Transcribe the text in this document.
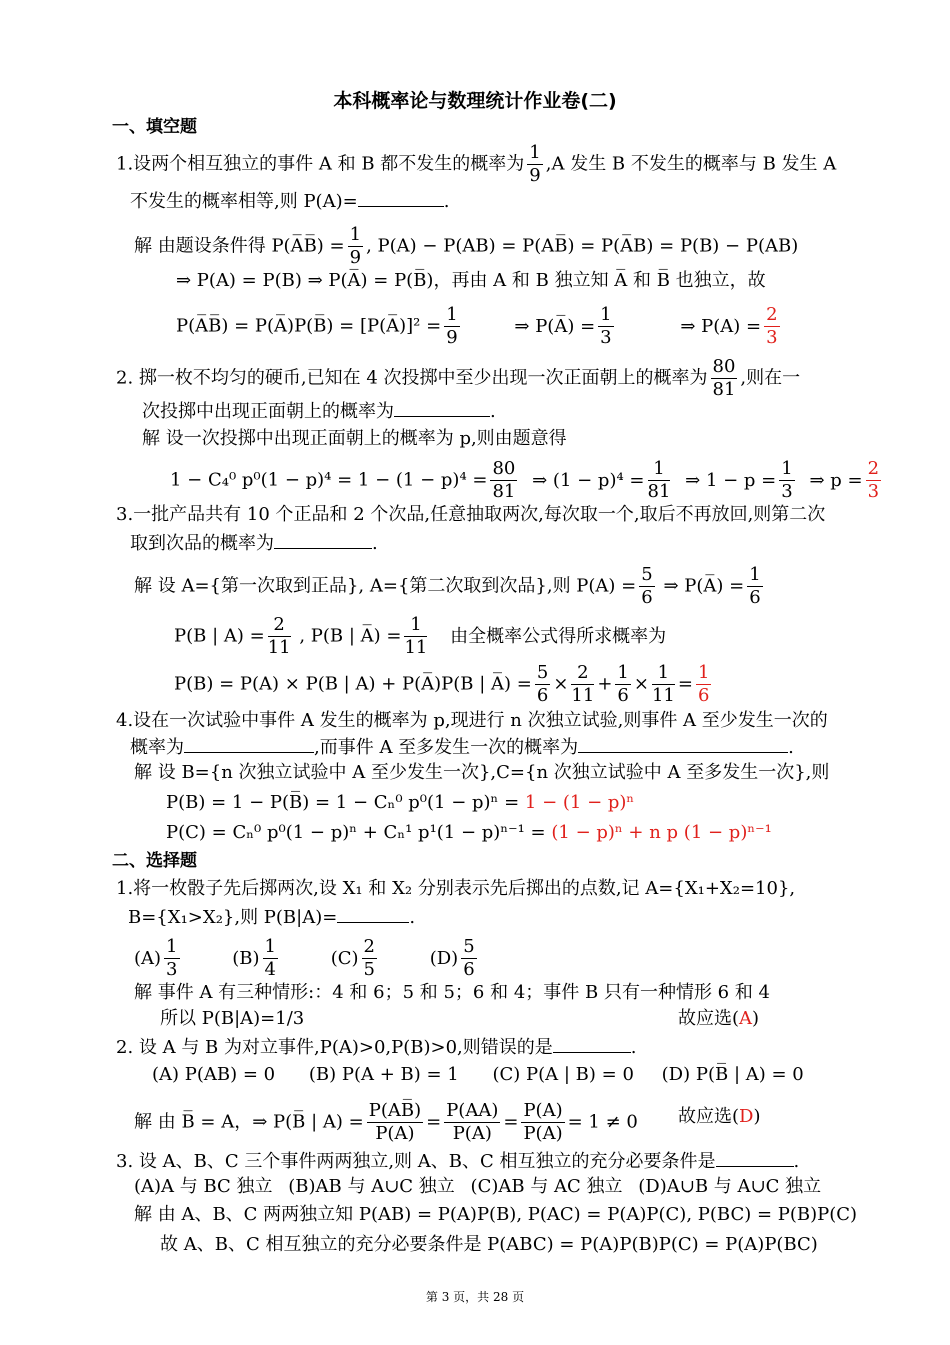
本科概率论与数理统计作业卷(二)
一、填空题
1.设两个相互独立的事件 A 和 B 都不发生的概率为 $\frac{1}{9} ,A$ 发生 B 不发生的概率与 B 发生 A
不发生的概率相等,则 P(A)=	.
解 由题设条件得 P(A̅B̅) = $\frac{1}{9}$ , P(A) − P(AB) = P(AB̅) = P(A̅B) = P(B) − P(AB)
⇒ P(A) = P(B) ⇒ P(A̅) = P(B̅)，再由 A 和 B 独立知 A̅ 和 B̅ 也独立，故
P(A̅B̅) = P(A̅)P(B̅) = [P(A̅)]² = $\frac{1}{9}$	⇒ P(A̅) = $\frac{1}{3}$	⇒ $P(A) = \frac{2}{3}$
2. 掷一枚不均匀的硬币,已知在 4 次投掷中至少出现一次正面朝上的概率为 $\frac{80}{81}$ ,则在一
次投掷中出现正面朝上的概率为	.
解 设一次投掷中出现正面朝上的概率为 p,则由题意得
1 − C₄⁰ $p^0(1 - p)^4 = 1 - (1 - p)^4 = \frac{80}{81}$ ⇒ $(1 - p)^4 = \frac{1}{81}$ ⇒ $1 - p = \frac{1}{3}$ ⇒ $p = \frac{2}{3}$
3.一批产品共有 10 个正品和 2 个次品,任意抽取两次,每次取一个,取后不再放回,则第二次
取到次品的概率为	.
解 设 A={第一次取到正品}, A={第二次取到次品},则 $P(A) = \frac{5}{6}$ ⇒ P(A̅) = $\frac{1}{6}$
P(B | $A) = \frac{2}{11}$ , P(B | A̅) = $\frac{1}{11}$ 由全概率公式得所求概率为
P(B) = P(A) × P(B | A) + P(A̅)P(B | A̅) = $\frac{5}{6} \times \frac{2}{11} + \frac{1}{6} \times \frac{1}{11} = \frac{1}{6}$
4.设在一次试验中事件 A 发生的概率为 p,现进行 n 次独立试验,则事件 A 至少发生一次的
概率为	,而事件 A 至多发生一次的概率为	.
解 设 B={n 次独立试验中 A 至少发生一次},C={n 次独立试验中 A 至多发生一次},则
P(B) = 1 − P(B̅) = 1 − Cₙ⁰ p⁰(1 − p)ⁿ = 1 − (1 − p)ⁿ
P(C) = Cₙ⁰ p⁰(1 − p)ⁿ + Cₙ¹ p¹(1 − p)ⁿ⁻¹ = (1 − p)ⁿ + n p (1 − p)ⁿ⁻¹
二、选择题
1.将一枚骰子先后掷两次,设 X₁ 和 X₂ 分别表示先后掷出的点数,记 A={X₁+X₂=10},
B={X₁>X₂},则 P(B|A)=	.
$(A) \frac{1}{3}$	$(B) \frac{1}{4}$	$(C) \frac{2}{5}$	$(D) \frac{5}{6}$
解 事件 A 有三种情形:：4 和 6；5 和 5；6 和 4；事件 B 只有一种情形 6 和 4
所以 P(B|A)=1/3	故应选(A)
2. 设 A 与 B 为对立事件,P(A)>0,P(B)>0,则错误的是	.
(A) P(AB) = 0 (B) P(A + B) = 1 (C) P(A | B) = 0 (D) P(B̅ | A) = 0
解 由 B̅ = A，⇒ P(B̅ | $A) = \frac{P(AB̅)}{P(A)} = \frac{P(AA)}{P(A)} = \frac{P(A)}{P(A)} = 1 \ne 0$ 故应选(D)
3. 设 A、B、C 三个事件两两独立,则 A、B、C 相互独立的充分必要条件是	.
(A)A 与 BC 独立 (B)AB 与 A∪C 独立 (C)AB 与 AC 独立 (D)A∪B 与 A∪C 独立
解 由 A、B、C 两两独立知 P(AB) = P(A)P(B), P(AC) = P(A)P(C), P(BC) = P(B)P(C)
故 A、B、C 相互独立的充分必要条件是 P(ABC) = P(A)P(B)P(C) = P(A)P(BC)
第 3 页，共 28 页
